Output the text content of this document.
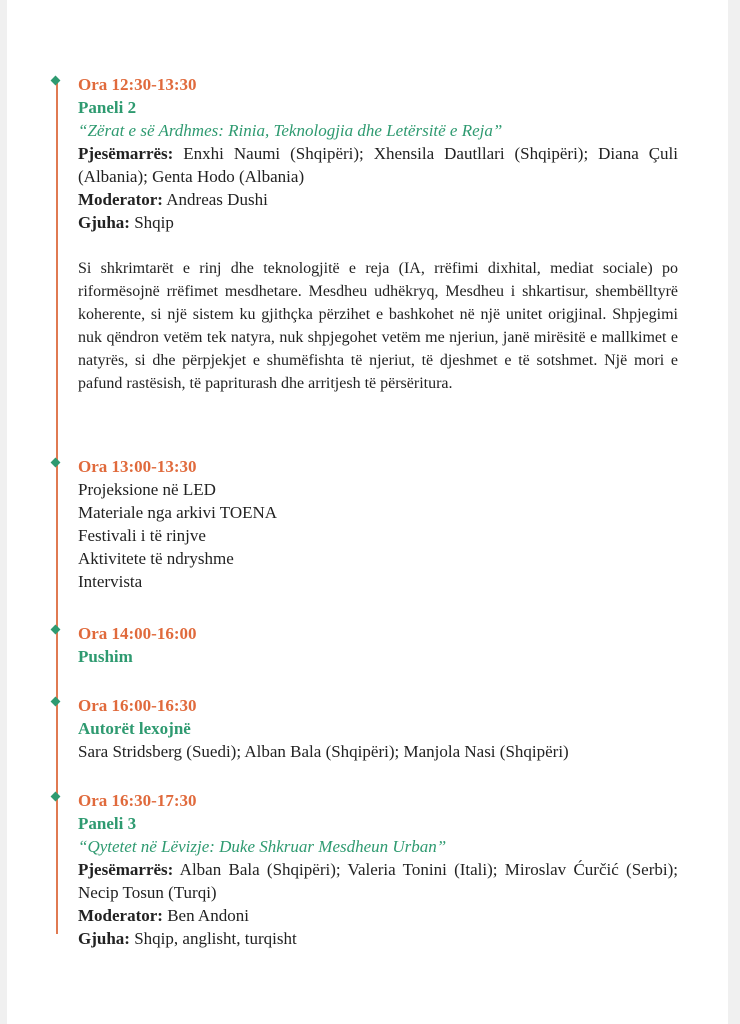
Ora 12:30-13:30
Paneli 2
“Zërat e së Ardhmes: Rinia, Teknologjia dhe Letërsitë e Reja”
Pjesëmarrës: Enxhi Naumi (Shqipëri); Xhensila Dautllari (Shqipëri); Diana Çuli (Albania); Genta Hodo (Albania)
Moderator: Andreas Dushi
Gjuha: Shqip
Si shkrimtarët e rinj dhe teknologjitë e reja (IA, rrëfimi dixhital, mediat sociale) po riformësojnë rrëfimet mesdhetare. Mesdheu udhëkryq, Mesdheu i shkartisur, shembëlltyrë koherente, si një sistem ku gjithçka përzihet e bashkohet në një unitet origjinal. Shpjegimi nuk qëndron vetëm tek natyra, nuk shpjegohet vetëm me njeriun, janë mirësitë e mallkimet e natyrës, si dhe përpjekjet e shumëfishta të njeriut, të djeshmet e të sotshmet. Një mori e pafund rastësish, të papriturash dhe arritjesh të përsëritura.
Ora 13:00-13:30
Projeksione në LED
Materiale nga arkivi TOENA
Festivali i të rinjve
Aktivitete të ndryshme
Intervista
Ora 14:00-16:00
Pushim
Ora 16:00-16:30
Autorët lexojnë
Sara Stridsberg (Suedi); Alban Bala (Shqipëri); Manjola Nasi (Shqipëri)
Ora 16:30-17:30
Paneli 3
“Qytetet në Lëvizje: Duke Shkruar Mesdheun Urban”
Pjesëmarrës: Alban Bala (Shqipëri); Valeria Tonini (Itali); Miroslav Ćurčić (Serbi); Necip Tosun (Turqi)
Moderator: Ben Andoni
Gjuha: Shqip, anglisht, turqisht
